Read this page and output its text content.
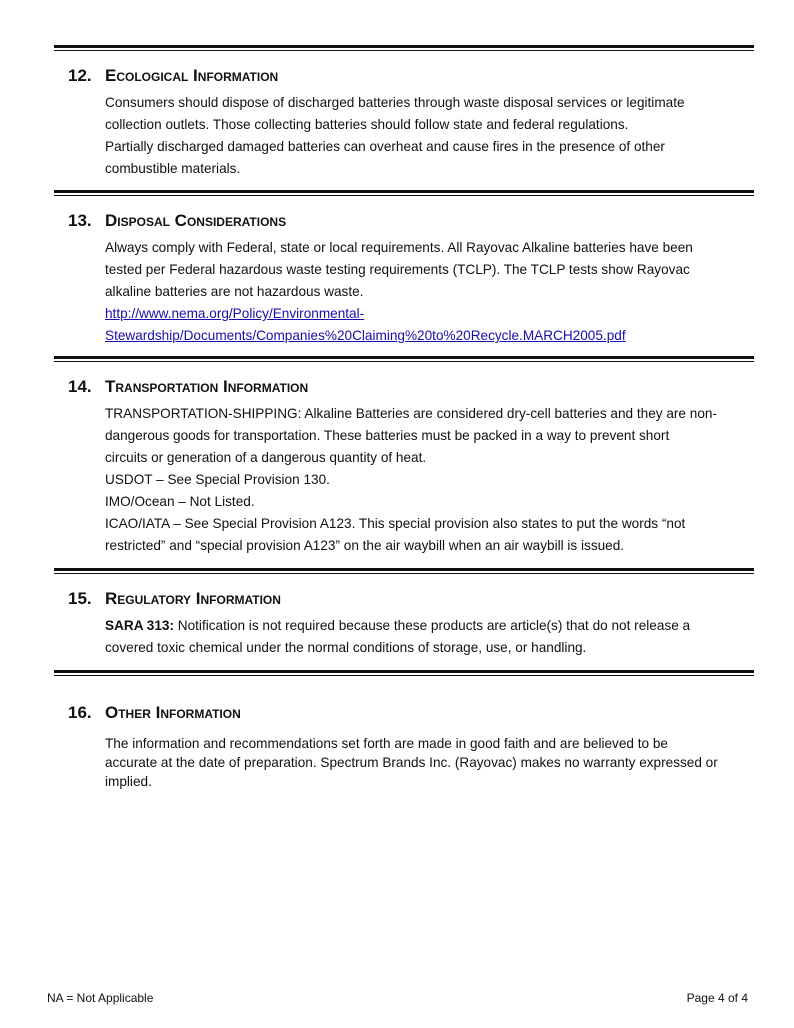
12. Ecological Information

Consumers should dispose of discharged batteries through waste disposal services or legitimate

collection outlets. Those collecting batteries should follow state and federal regulations.

Partially discharged damaged batteries can overheat and cause fires in the presence of other

combustible materials.

13. Disposal Considerations

Always comply with Federal, state or local requirements. All Rayovac Alkaline batteries have been

tested per Federal hazardous waste testing requirements (TCLP). The TCLP tests show Rayovac

alkaline batteries are not hazardous waste.

http://www.nema.org/Policy/Environmental-

Stewardship/Documents/Companies%20Claiming%20to%20Recycle.MARCH2005.pdf

14. Transportation Information

TRANSPORTATION-SHIPPING: Alkaline Batteries are considered dry-cell batteries and they are non-

dangerous goods for transportation. These batteries must be packed in a way to prevent short

circuits or generation of a dangerous quantity of heat.

USDOT – See Special Provision 130.

IMO/Ocean – Not Listed.

ICAO/IATA – See Special Provision A123. This special provision also states to put the words “not

restricted” and “special provision A123” on the air waybill when an air waybill is issued.

15. Regulatory Information

SARA 313: Notification is not required because these products are article(s) that do not release a

covered toxic chemical under the normal conditions of storage, use, or handling.

16. Other Information

The information and recommendations set forth are made in good faith and are believed to be

accurate at the date of preparation. Spectrum Brands Inc. (Rayovac) makes no warranty expressed or

implied.

NA = Not Applicable	Page 4 of 4
